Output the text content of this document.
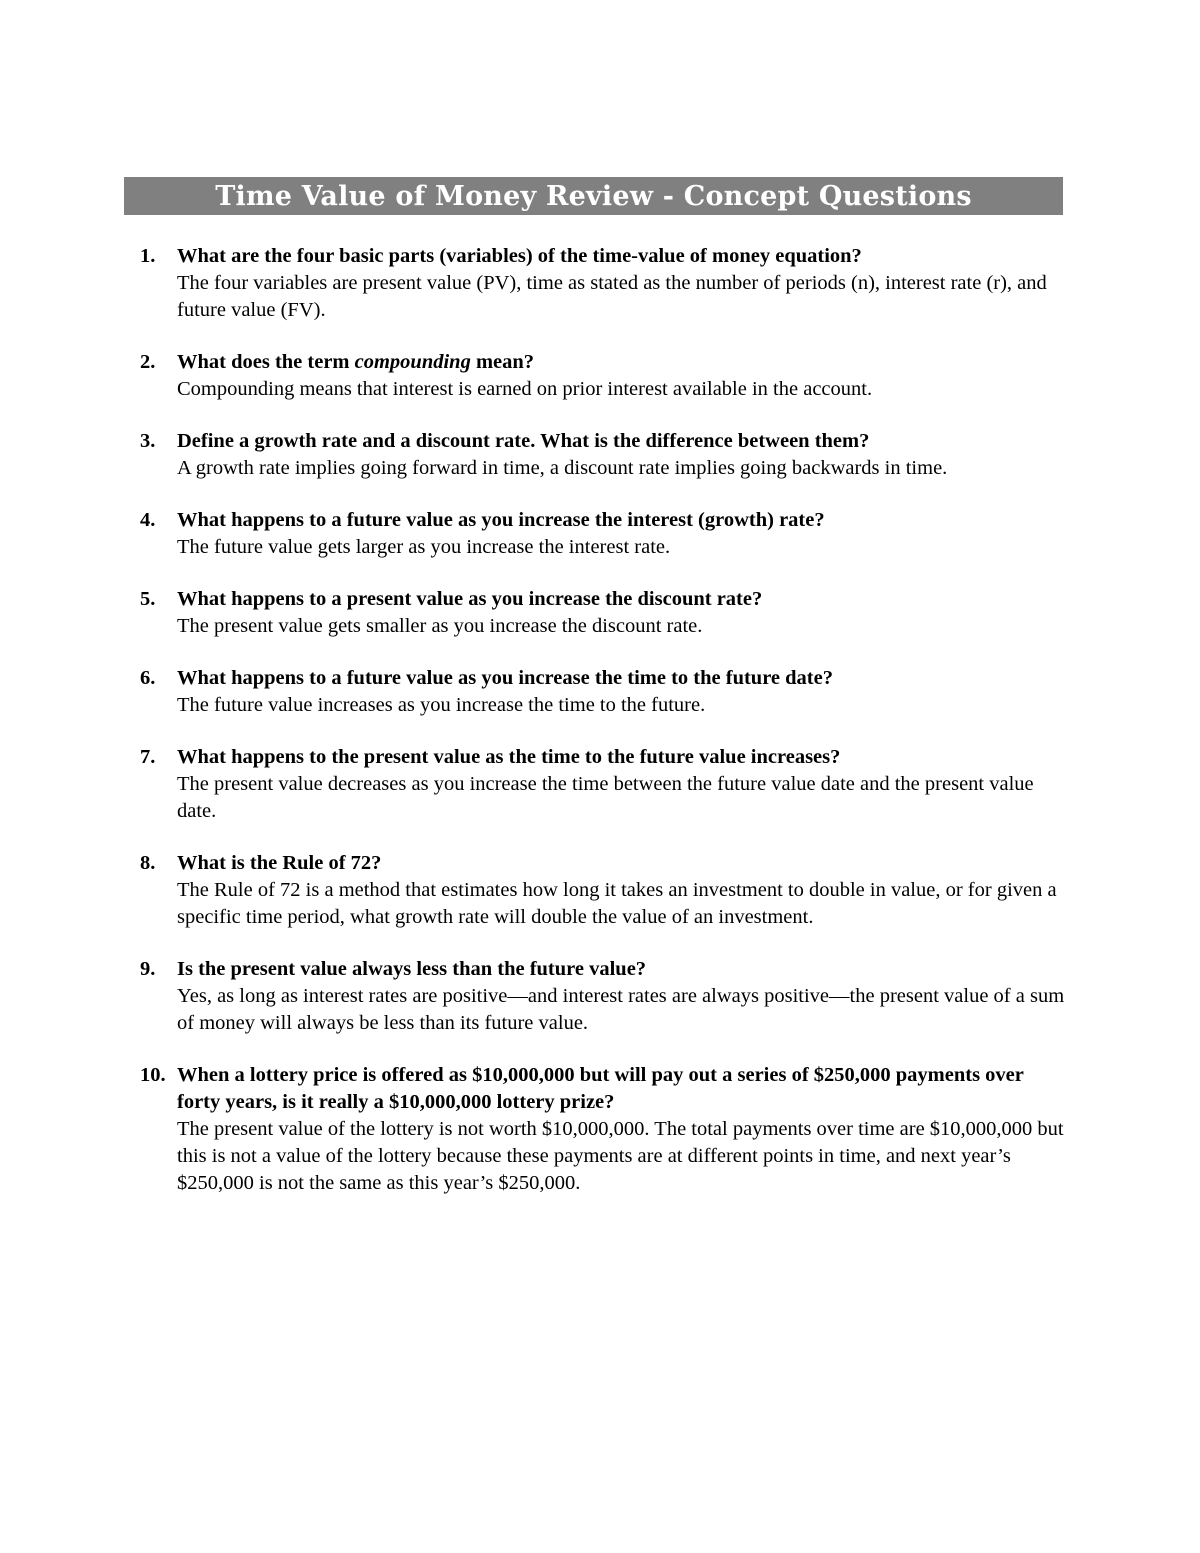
Time Value of Money Review - Concept Questions
1. What are the four basic parts (variables) of the time-value of money equation?
The four variables are present value (PV), time as stated as the number of periods (n), interest rate (r), and future value (FV).
2. What does the term compounding mean?
Compounding means that interest is earned on prior interest available in the account.
3. Define a growth rate and a discount rate. What is the difference between them?
A growth rate implies going forward in time, a discount rate implies going backwards in time.
4. What happens to a future value as you increase the interest (growth) rate?
The future value gets larger as you increase the interest rate.
5. What happens to a present value as you increase the discount rate?
The present value gets smaller as you increase the discount rate.
6. What happens to a future value as you increase the time to the future date?
The future value increases as you increase the time to the future.
7. What happens to the present value as the time to the future value increases?
The present value decreases as you increase the time between the future value date and the present value date.
8. What is the Rule of 72?
The Rule of 72 is a method that estimates how long it takes an investment to double in value, or for given a specific time period, what growth rate will double the value of an investment.
9. Is the present value always less than the future value?
Yes, as long as interest rates are positive—and interest rates are always positive—the present value of a sum of money will always be less than its future value.
10. When a lottery price is offered as $10,000,000 but will pay out a series of $250,000 payments over forty years, is it really a $10,000,000 lottery prize?
The present value of the lottery is not worth $10,000,000. The total payments over time are $10,000,000 but this is not a value of the lottery because these payments are at different points in time, and next year’s $250,000 is not the same as this year’s $250,000.
